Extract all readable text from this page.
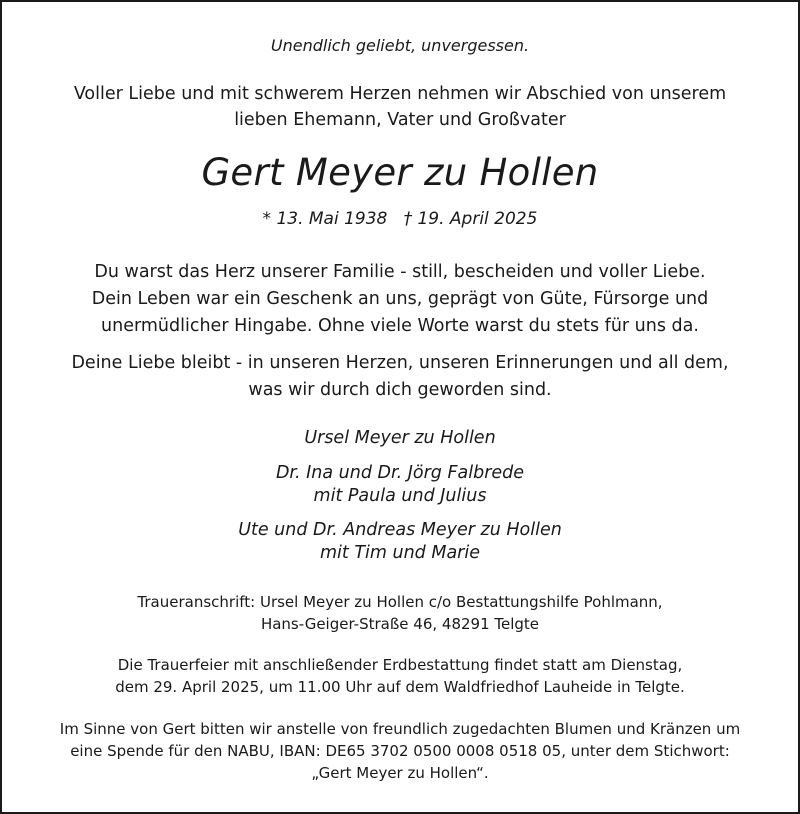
Unendlich geliebt, unvergessen.
Voller Liebe und mit schwerem Herzen nehmen wir Abschied von unserem
lieben Ehemann, Vater und Großvater
Gert Meyer zu Hollen
* 13. Mai 1938   † 19. April 2025
Du warst das Herz unserer Familie - still, bescheiden und voller Liebe.
Dein Leben war ein Geschenk an uns, geprägt von Güte, Fürsorge und
unermüdlicher Hingabe. Ohne viele Worte warst du stets für uns da.
Deine Liebe bleibt - in unseren Herzen, unseren Erinnerungen und all dem,
was wir durch dich geworden sind.
Ursel Meyer zu Hollen
Dr. Ina und Dr. Jörg Falbrede
mit Paula und Julius
Ute und Dr. Andreas Meyer zu Hollen
mit Tim und Marie
Traueranschrift: Ursel Meyer zu Hollen c/o Bestattungshilfe Pohlmann,
Hans-Geiger-Straße 46, 48291 Telgte
Die Trauerfeier mit anschließender Erdbestattung findet statt am Dienstag,
dem 29. April 2025, um 11.00 Uhr auf dem Waldfriedhof Lauheide in Telgte.
Im Sinne von Gert bitten wir anstelle von freundlich zugedachten Blumen und Kränzen um
eine Spende für den NABU, IBAN: DE65 3702 0500 0008 0518 05, unter dem Stichwort:
„Gert Meyer zu Hollen“.
